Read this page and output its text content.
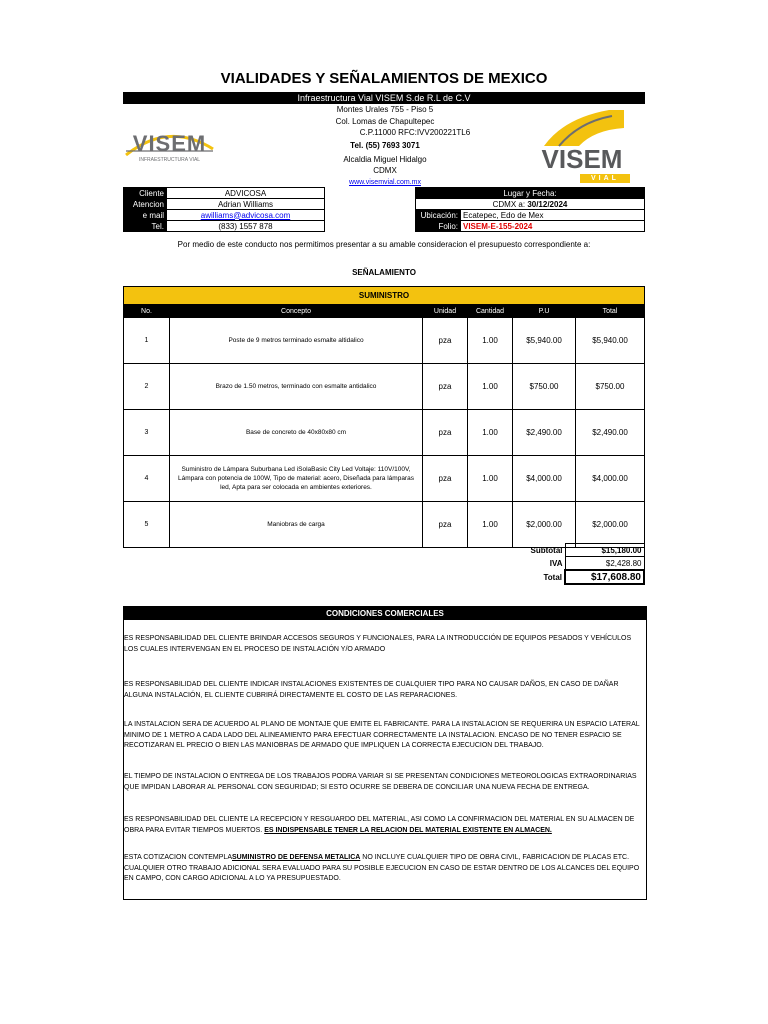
VIALIDADES Y SEÑALAMIENTOS DE MEXICO
Infraestructura Vial VISEM S.de R.L de C.V
Montes Urales 755 - Piso 5
Col. Lomas de Chapultepec
C.P.11000 RFC:IVV200221TL6
Tel. (55) 7693 3071
Alcaldia Miguel Hidalgo
CDMX
www.visemvial.com.mx
VISEM
INFRAESTRUCTURA VIAL	VISEM
VIAL
Cliente	ADVICOSA
Atencion	Adrian Williams
e mail	awilliams@advicosa.com
Tel.	(833) 1557 878
Lugar y Fecha:	
CDMX a: 30/12/2024	
Ubicación:	Ecatepec, Edo de Mex
Folio:	VISEM-E-155-2024
Por medio de este conducto nos permitimos presentar a su amable consideracion el presupuesto correspondiente a:
SEÑALAMIENTO
SUMINISTRO					
No.	Concepto	Unidad	Cantidad	P.U	Total
1	Poste de 9 metros terminado esmalte altidalico	pza	1.00	$5,940.00	$5,940.00
2	Brazo de 1.50 metros, terminado con esmalte antidalico	pza	1.00	$750.00	$750.00
3	Base de concreto de 40x80x80 cm	pza	1.00	$2,490.00	$2,490.00
4	Suministro de Lámpara Suburbana Led iSolaBasic City Led Voltaje: 110V/100V, Lámpara con potencia de 100W, Tipo de material: acero, Diseñada para lámparas led, Apta para ser colocada en ambientes exteriores.	pza	1.00	$4,000.00	$4,000.00
5	Maniobras de carga	pza	1.00	$2,000.00	$2,000.00
Subtotal	$15,180.00
IVA	$2,428.80
Total	$17,608.80
CONDICIONES COMERCIALES
ES RESPONSABILIDAD DEL CLIENTE BRINDAR ACCESOS SEGUROS Y FUNCIONALES, PARA LA INTRODUCCIÓN DE EQUIPOS PESADOS Y VEHÍCULOS LOS CUALES INTERVENGAN EN EL PROCESO DE INSTALACIÓN Y/O ARMADO
ES RESPONSABILIDAD DEL CLIENTE INDICAR INSTALACIONES EXISTENTES DE CUALQUIER TIPO PARA NO CAUSAR DAÑOS, EN CASO DE DAÑAR ALGUNA INSTALACIÓN, EL CLIENTE CUBRIRÁ DIRECTAMENTE EL COSTO DE LAS REPARACIONES.
LA INSTALACION SERA DE ACUERDO AL PLANO DE MONTAJE QUE EMITE EL FABRICANTE. PARA LA INSTALACION SE REQUERIRA UN ESPACIO LATERAL MINIMO DE 1 METRO A CADA LADO DEL ALINEAMIENTO PARA EFECTUAR CORRECTAMENTE LA INSTALACION. ENCASO DE NO TENER ESPACIO SE RECOTIZARAN EL PRECIO O BIEN LAS MANIOBRAS DE ARMADO QUE IMPLIQUEN LA CORRECTA EJECUCION DEL TRABAJO.
EL TIEMPO DE INSTALACION O ENTREGA DE LOS TRABAJOS PODRA VARIAR SI SE PRESENTAN CONDICIONES METEOROLOGICAS EXTRAORDINARIAS QUE IMPIDAN LABORAR AL PERSONAL CON SEGURIDAD; SI ESTO OCURRE SE DEBERA DE CONCILIAR UNA NUEVA FECHA DE ENTREGA.
ES RESPONSABILIDAD DEL CLIENTE LA RECEPCION Y RESGUARDO DEL MATERIAL, ASI COMO LA CONFIRMACION DEL MATERIAL EN SU ALMACEN DE OBRA PARA EVITAR TIEMPOS MUERTOS. ES INDISPENSABLE TENER LA RELACION DEL MATERIAL EXISTENTE EN ALMACEN.
ESTA COTIZACION CONTEMPLASUMINISTRO DE DEFENSA METALICA NO INCLUYE CUALQUIER TIPO DE OBRA CIVIL, FABRICACION DE PLACAS ETC. CUALQUIER OTRO TRABAJO ADICIONAL SERA EVALUADO PARA SU POSIBLE EJECUCION EN CASO DE ESTAR DENTRO DE LOS ALCANCES DEL EQUIPO EN CAMPO, CON CARGO ADICIONAL A LO YA PRESUPUESTADO.
